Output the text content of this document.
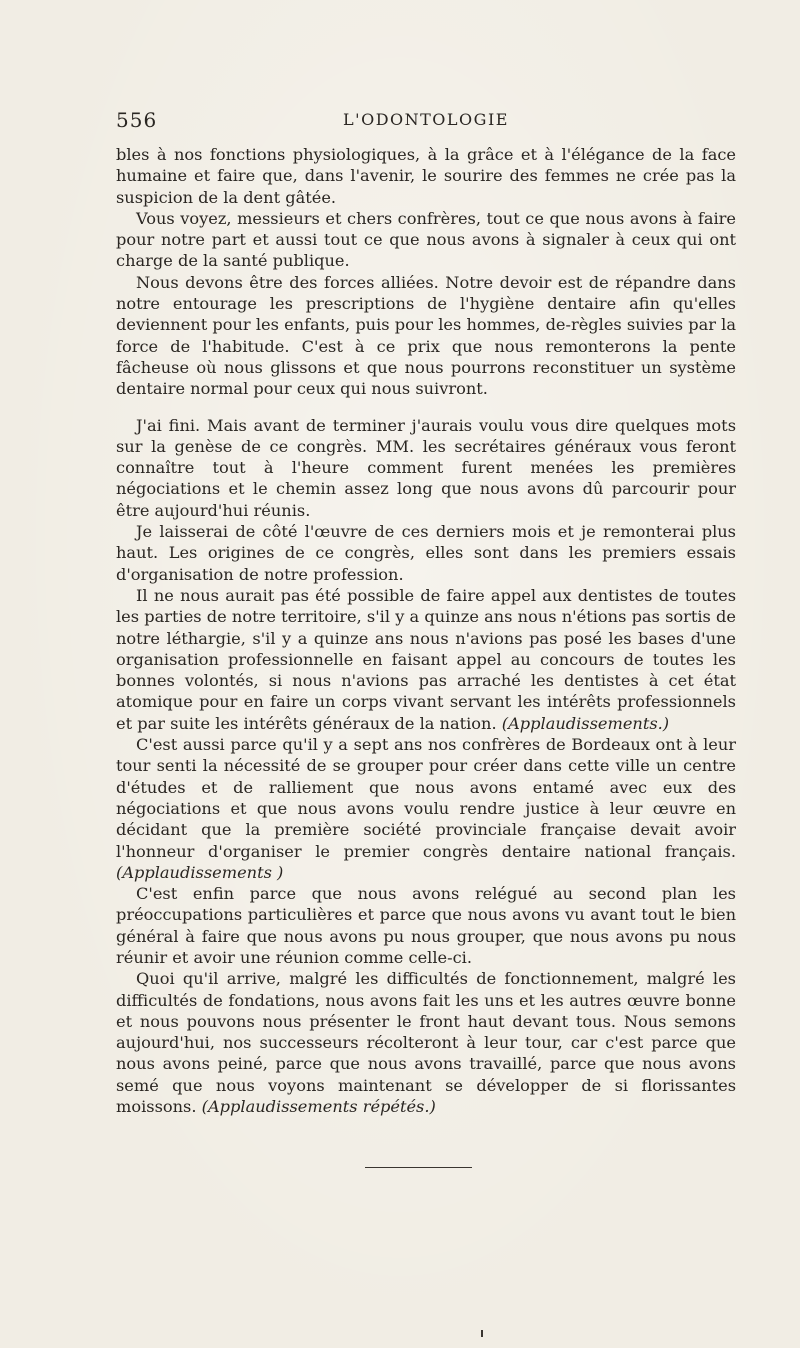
556	L'ODONTOLOGIE

bles à nos fonctions physiologiques, à la grâce et à l'élégance de la face humaine et faire que, dans l'avenir, le sourire des femmes ne crée pas la suspicion de la dent gâtée.

Vous voyez, messieurs et chers confrères, tout ce que nous avons à faire pour notre part et aussi tout ce que nous avons à signaler à ceux qui ont charge de la santé publique.

Nous devons être des forces alliées. Notre devoir est de répandre dans notre entourage les prescriptions de l'hygiène dentaire afin qu'elles deviennent pour les enfants, puis pour les hommes, de-règles suivies par la force de l'habitude. C'est à ce prix que nous remonterons la pente fâcheuse où nous glissons et que nous pourrons reconstituer un système dentaire normal pour ceux qui nous suivront.

J'ai fini. Mais avant de terminer j'aurais voulu vous dire quelques mots sur la genèse de ce congrès. MM. les secrétaires généraux vous feront connaître tout à l'heure comment furent menées les premières négociations et le chemin assez long que nous avons dû parcourir pour être aujourd'hui réunis.

Je laisserai de côté l'œuvre de ces derniers mois et je remonterai plus haut. Les origines de ce congrès, elles sont dans les premiers essais d'organisation de notre profession.

Il ne nous aurait pas été possible de faire appel aux dentistes de toutes les parties de notre territoire, s'il y a quinze ans nous n'étions pas sortis de notre léthargie, s'il y a quinze ans nous n'avions pas posé les bases d'une organisation professionnelle en faisant appel au concours de toutes les bonnes volontés, si nous n'avions pas arraché les dentistes à cet état atomique pour en faire un corps vivant servant les intérêts professionnels et par suite les intérêts généraux de la nation. (Applaudissements.)

C'est aussi parce qu'il y a sept ans nos confrères de Bordeaux ont à leur tour senti la nécessité de se grouper pour créer dans cette ville un centre d'études et de ralliement que nous avons entamé avec eux des négociations et que nous avons voulu rendre justice à leur œuvre en décidant que la première société provinciale française devait avoir l'honneur d'organiser le premier congrès dentaire national français. (Applaudissements )

C'est enfin parce que nous avons relégué au second plan les préoccupations particulières et parce que nous avons vu avant tout le bien général à faire que nous avons pu nous grouper, que nous avons pu nous réunir et avoir une réunion comme celle-ci.

Quoi qu'il arrive, malgré les difficultés de fonctionnement, malgré les difficultés de fondations, nous avons fait les uns et les autres œuvre bonne et nous pouvons nous présenter le front haut devant tous. Nous semons aujourd'hui, nos successeurs récolteront à leur tour, car c'est parce que nous avons peiné, parce que nous avons travaillé, parce que nous avons semé que nous voyons maintenant se développer de si florissantes moissons. (Applaudissements répétés.)
